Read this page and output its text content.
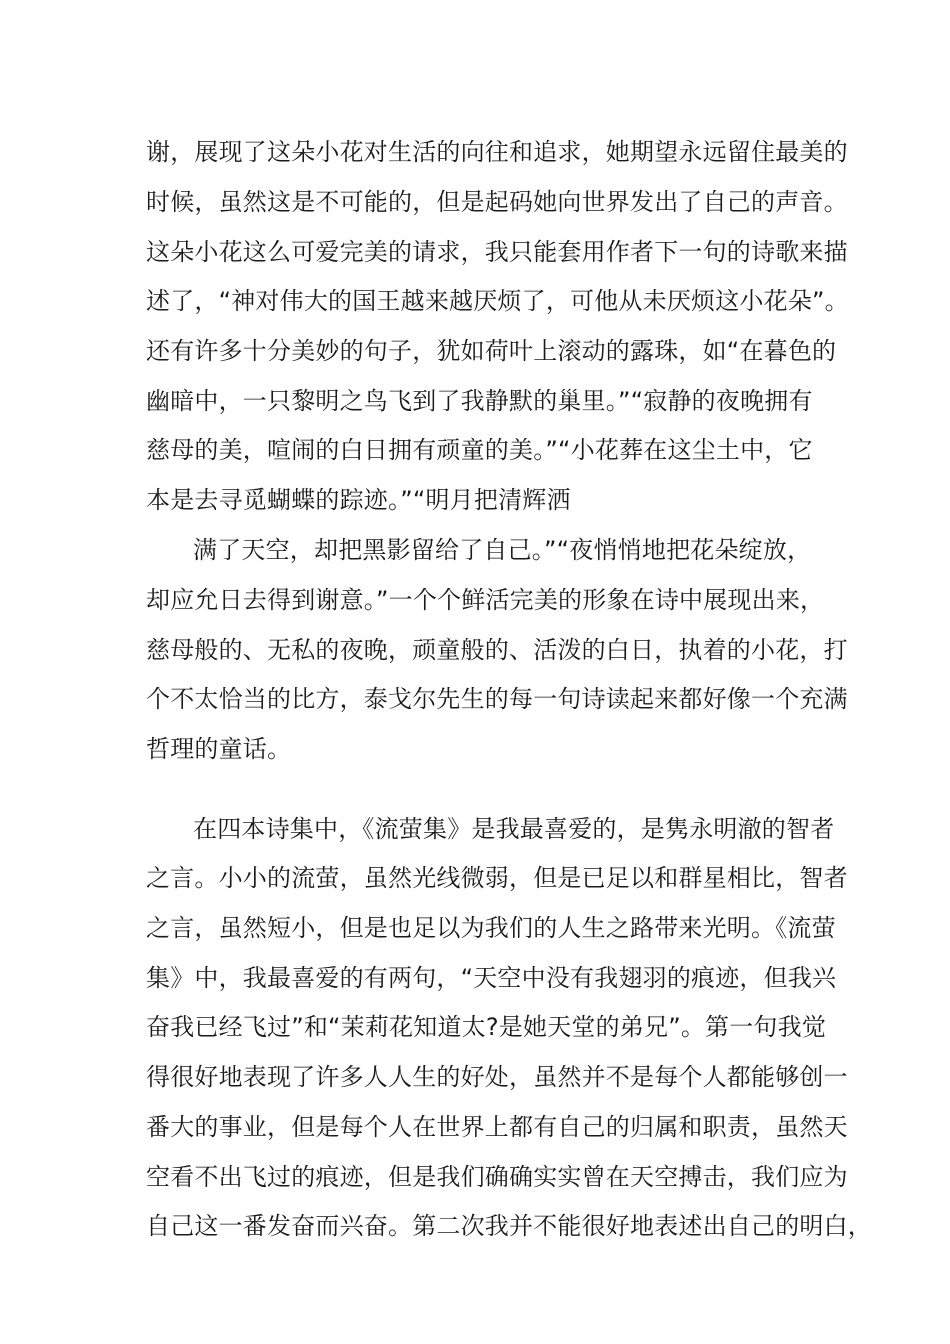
谢，展现了这朵小花对生活的向往和追求，她期望永远留住最美的
时候，虽然这是不可能的，但是起码她向世界发出了自己的声音。
这朵小花这么可爱完美的请求，我只能套用作者下一句的诗歌来描
述了，“神对伟大的国王越来越厌烦了，可他从未厌烦这小花朵”。
还有许多十分美妙的句子，犹如荷叶上滚动的露珠，如“在暮色的
幽暗中，一只黎明之鸟飞到了我静默的巢里。”“寂静的夜晚拥有
慈母的美，喧闹的白日拥有顽童的美。”“小花葬在这尘土中，它
本是去寻觅蝴蝶的踪迹。”“明月把清辉洒
满了天空，却把黑影留给了自己。”“夜悄悄地把花朵绽放，
却应允日去得到谢意。”一个个鲜活完美的形象在诗中展现出来，
慈母般的、无私的夜晚，顽童般的、活泼的白日，执着的小花，打
个不太恰当的比方，泰戈尔先生的每一句诗读起来都好像一个充满
哲理的童话。
在四本诗集中，《流萤集》是我最喜爱的，是隽永明澈的智者
之言。小小的流萤，虽然光线微弱，但是已足以和群星相比，智者
之言，虽然短小，但是也足以为我们的人生之路带来光明。《流萤
集》中，我最喜爱的有两句，“天空中没有我翅羽的痕迹，但我兴
奋我已经飞过”和“茉莉花知道太?是她天堂的弟兄”。第一句我觉
得很好地表现了许多人人生的好处，虽然并不是每个人都能够创一
番大的事业，但是每个人在世界上都有自己的归属和职责，虽然天
空看不出飞过的痕迹，但是我们确确实实曾在天空搏击，我们应为
自己这一番发奋而兴奋。第二次我并不能很好地表述出自己的明白，
